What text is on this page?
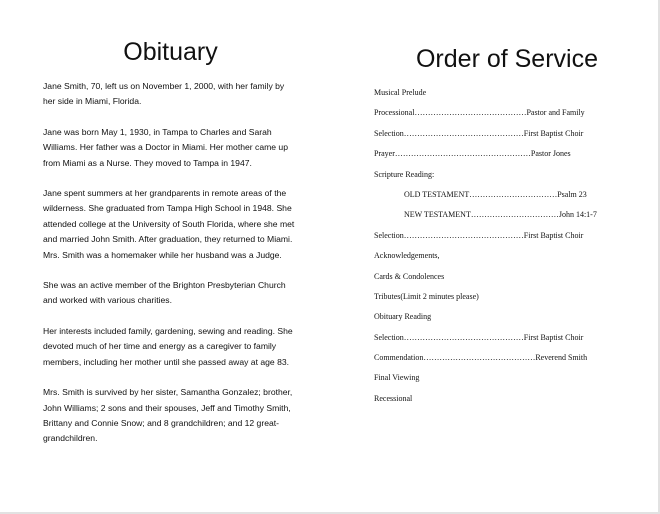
Obituary

Jane Smith, 70, left us on November 1, 2000, with her family by her side in Miami, Florida.

Jane was born May 1, 1930, in Tampa to Charles and Sarah Williams. Her father was a Doctor in Miami. Her mother came up from Miami as a Nurse. They moved to Tampa in 1947.

Jane spent summers at her grandparents in remote areas of the wilderness. She graduated from Tampa High School in 1948. She attended college at the University of South Florida, where she met and married John Smith. After graduation, they returned to Miami. Mrs. Smith was a homemaker while her husband was a Judge.

She was an active member of the Brighton Presbyterian Church and worked with various charities.

Her interests included family, gardening, sewing and reading. She devoted much of her time and energy as a caregiver to family members, including her mother until she passed away at age 83.

Mrs. Smith is survived by her sister, Samantha Gonzalez; brother, John Williams; 2 sons and their spouses, Jeff and Timothy Smith, Brittany and Connie Snow; and 8 grandchildren; and 12 great-grandchildren.

Order of Service
Musical Prelude
Processional……………………………………Pastor and Family
Selection………………………………………First Baptist Choir
Prayer……………………………………………Pastor Jones
Scripture Reading:
OLD TESTAMENT……………………………Psalm 23
NEW TESTAMENT……………………………John 14:1-7
Selection………………………………………First Baptist Choir
Acknowledgements,
Cards & Condolences
Tributes(Limit 2 minutes please)
Obituary Reading
Selection………………………………………First Baptist Choir
Commendation……………………………………Reverend Smith
Final Viewing
Recessional
